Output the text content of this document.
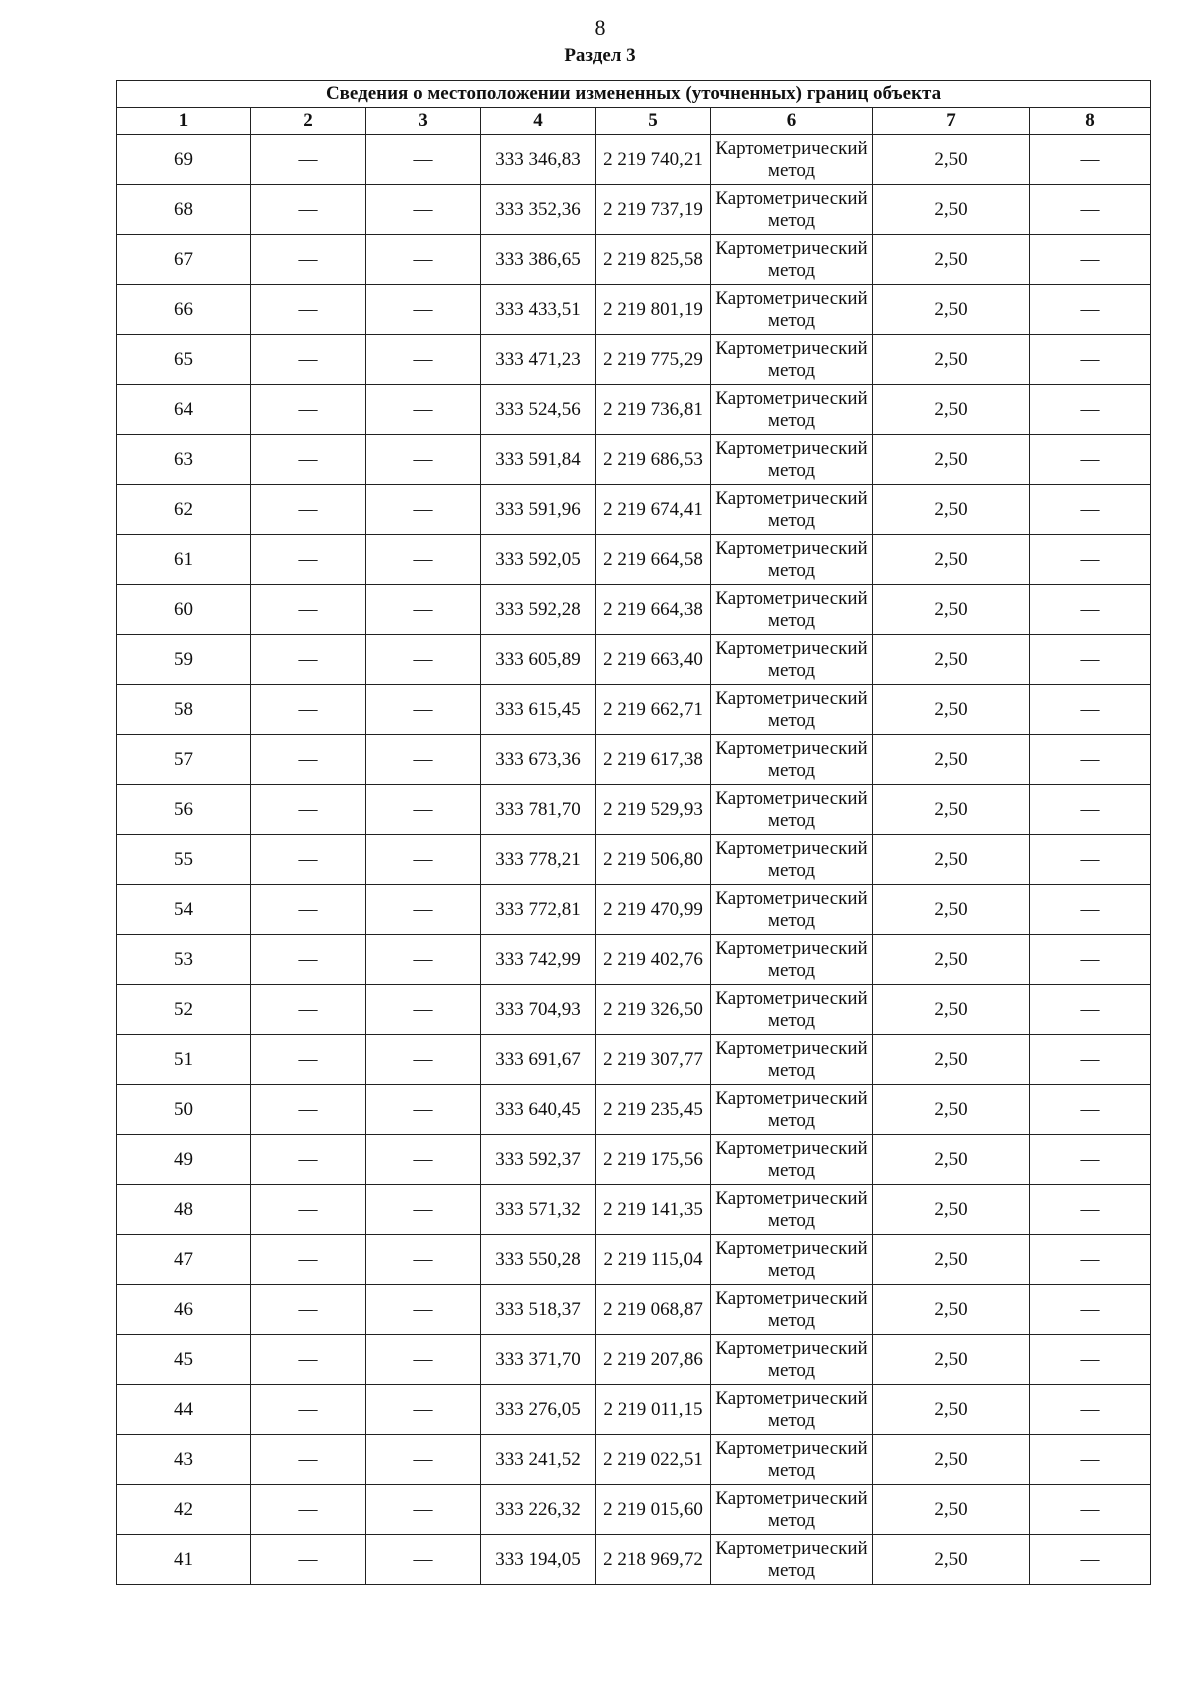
8
Раздел 3
Сведения о местоположении измененных (уточненных) границ объекта							
1	2	3	4	5	6	7	8
69	—	—	333 346,83	2 219 740,21	Картометрический метод	2,50	—
68	—	—	333 352,36	2 219 737,19	Картометрический метод	2,50	—
67	—	—	333 386,65	2 219 825,58	Картометрический метод	2,50	—
66	—	—	333 433,51	2 219 801,19	Картометрический метод	2,50	—
65	—	—	333 471,23	2 219 775,29	Картометрический метод	2,50	—
64	—	—	333 524,56	2 219 736,81	Картометрический метод	2,50	—
63	—	—	333 591,84	2 219 686,53	Картометрический метод	2,50	—
62	—	—	333 591,96	2 219 674,41	Картометрический метод	2,50	—
61	—	—	333 592,05	2 219 664,58	Картометрический метод	2,50	—
60	—	—	333 592,28	2 219 664,38	Картометрический метод	2,50	—
59	—	—	333 605,89	2 219 663,40	Картометрический метод	2,50	—
58	—	—	333 615,45	2 219 662,71	Картометрический метод	2,50	—
57	—	—	333 673,36	2 219 617,38	Картометрический метод	2,50	—
56	—	—	333 781,70	2 219 529,93	Картометрический метод	2,50	—
55	—	—	333 778,21	2 219 506,80	Картометрический метод	2,50	—
54	—	—	333 772,81	2 219 470,99	Картометрический метод	2,50	—
53	—	—	333 742,99	2 219 402,76	Картометрический метод	2,50	—
52	—	—	333 704,93	2 219 326,50	Картометрический метод	2,50	—
51	—	—	333 691,67	2 219 307,77	Картометрический метод	2,50	—
50	—	—	333 640,45	2 219 235,45	Картометрический метод	2,50	—
49	—	—	333 592,37	2 219 175,56	Картометрический метод	2,50	—
48	—	—	333 571,32	2 219 141,35	Картометрический метод	2,50	—
47	—	—	333 550,28	2 219 115,04	Картометрический метод	2,50	—
46	—	—	333 518,37	2 219 068,87	Картометрический метод	2,50	—
45	—	—	333 371,70	2 219 207,86	Картометрический метод	2,50	—
44	—	—	333 276,05	2 219 011,15	Картометрический метод	2,50	—
43	—	—	333 241,52	2 219 022,51	Картометрический метод	2,50	—
42	—	—	333 226,32	2 219 015,60	Картометрический метод	2,50	—
41	—	—	333 194,05	2 218 969,72	Картометрический метод	2,50	—
